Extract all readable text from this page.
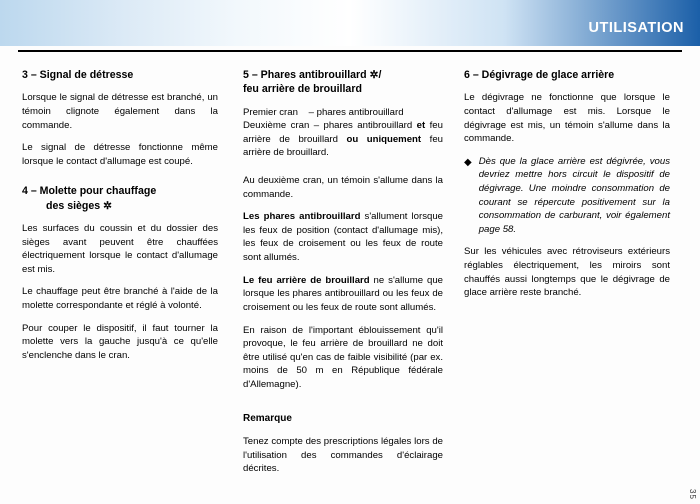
UTILISATION
3 – Signal de détresse

Lorsque le signal de détresse est branché, un témoin clignote également dans la commande.

Le signal de détresse fonctionne même lorsque le contact d'allumage est coupé.

4 – Molette pour chauffage
des sièges ✲

Les surfaces du coussin et du dossier des sièges avant peuvent être chauffées électriquement lorsque le contact d'allumage est mis.

Le chauffage peut être branché à l'aide de la molette correspondante et réglé à volonté.

Pour couper le dispositif, il faut tourner la molette vers la gauche jusqu'à ce qu'elle s'enclenche dans le cran.

5 – Phares antibrouillard ✲/
feu arrière de brouillard

Premier cran – phares antibrouillard
Deuxième cran – phares antibrouillard et feu arrière de brouillard ou uniquement feu arrière de brouillard.

Au deuxième cran, un témoin s'allume dans la commande.

Les phares antibrouillard s'allument lorsque les feux de position (contact d'allumage mis), les feux de croisement ou les feux de route sont allumés.

Le feu arrière de brouillard ne s'allume que lorsque les phares antibrouillard ou les feux de croisement ou les feux de route sont allumés.

En raison de l'important éblouissement qu'il provoque, le feu arrière de brouillard ne doit être utilisé qu'en cas de faible visibilité (par ex. moins de 50 m en République fédérale d'Allemagne).

6 – Dégivrage de glace arrière

Le dégivrage ne fonctionne que lorsque le contact d'allumage est mis. Lorsque le dégivrage est mis, un témoin s'allume dans la commande.

◆ Dès que la glace arrière est dégivrée, vous devriez mettre hors circuit le dispositif de dégivrage. Une moindre consommation de courant se répercute positivement sur la consommation de carburant, voir également page 58.

Sur les véhicules avec rétroviseurs extérieurs réglables électriquement, les miroirs sont chauffés aussi longtemps que le dégivrage de glace arrière reste branché.

Remarque

Tenez compte des prescriptions légales lors de l'utilisation des commandes d'éclairage décrites.

35
